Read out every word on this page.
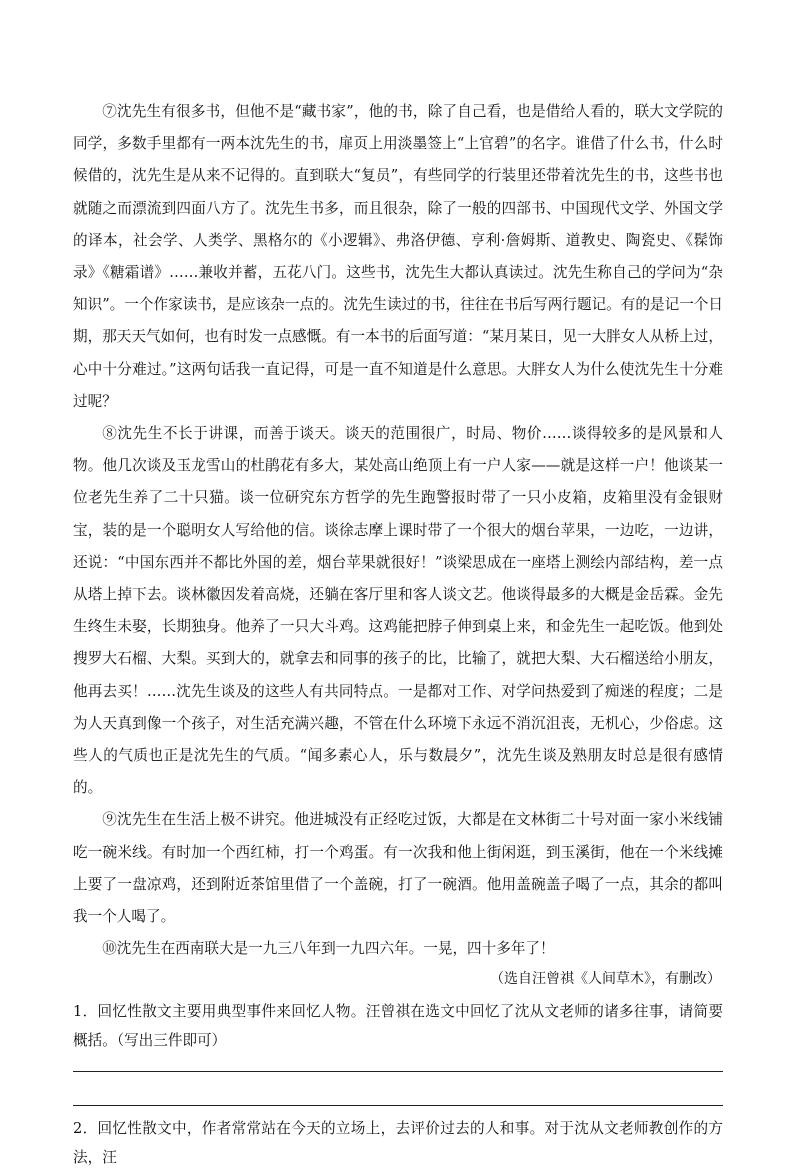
⑦沈先生有很多书，但他不是“藏书家”，他的书，除了自己看，也是借给人看的，联大文学院的同学，多数手里都有一两本沈先生的书，扉页上用淡墨签上“上官碧”的名字。谁借了什么书，什么时候借的，沈先生是从来不记得的。直到联大“复员”，有些同学的行装里还带着沈先生的书，这些书也就随之而漂流到四面八方了。沈先生书多，而且很杂，除了一般的四部书、中国现代文学、外国文学的译本，社会学、人类学、黑格尔的《小逻辑》、弗洛伊德、亨利·詹姆斯、道教史、陶瓷史、《髹饰录》《糖霜谱》……兼收并蓄，五花八门。这些书，沈先生大都认真读过。沈先生称自己的学问为“杂知识”。一个作家读书，是应该杂一点的。沈先生读过的书，往往在书后写两行题记。有的是记一个日期，那天天气如何，也有时发一点感慨。有一本书的后面写道：“某月某日，见一大胖女人从桥上过，心中十分难过。”这两句话我一直记得，可是一直不知道是什么意思。大胖女人为什么使沈先生十分难过呢？

⑧沈先生不长于讲课，而善于谈天。谈天的范围很广，时局、物价……谈得较多的是风景和人物。他几次谈及玉龙雪山的杜鹃花有多大，某处高山绝顶上有一户人家——就是这样一户！他谈某一位老先生养了二十只猫。谈一位研究东方哲学的先生跑警报时带了一只小皮箱，皮箱里没有金银财宝，装的是一个聪明女人写给他的信。谈徐志摩上课时带了一个很大的烟台苹果，一边吃，一边讲，还说：“中国东西并不都比外国的差，烟台苹果就很好！”谈梁思成在一座塔上测绘内部结构，差一点从塔上掉下去。谈林徽因发着高烧，还躺在客厅里和客人谈文艺。他谈得最多的大概是金岳霖。金先生终生未娶，长期独身。他养了一只大斗鸡。这鸡能把脖子伸到桌上来，和金先生一起吃饭。他到处搜罗大石榴、大梨。买到大的，就拿去和同事的孩子的比，比输了，就把大梨、大石榴送给小朋友，他再去买！……沈先生谈及的这些人有共同特点。一是都对工作、对学问热爱到了痴迷的程度；二是为人天真到像一个孩子，对生活充满兴趣，不管在什么环境下永远不消沉沮丧，无机心，少俗虑。这些人的气质也正是沈先生的气质。“闻多素心人，乐与数晨夕”，沈先生谈及熟朋友时总是很有感情的。

⑨沈先生在生活上极不讲究。他进城没有正经吃过饭，大都是在文林街二十号对面一家小米线铺吃一碗米线。有时加一个西红柿，打一个鸡蛋。有一次我和他上街闲逛，到玉溪街，他在一个米线摊上要了一盘凉鸡，还到附近茶馆里借了一个盖碗，打了一碗酒。他用盖碗盖子喝了一点，其余的都叫我一个人喝了。

⑩沈先生在西南联大是一九三八年到一九四六年。一晃，四十多年了！

（选自汪曾祺《人间草木》，有删改）

1．回忆性散文主要用典型事件来回忆人物。汪曾祺在选文中回忆了沈从文老师的诸多往事，请简要概括。（写出三件即可）

2．回忆性散文中，作者常常站在今天的立场上，去评价过去的人和事。对于沈从文老师教创作的方法，汪
